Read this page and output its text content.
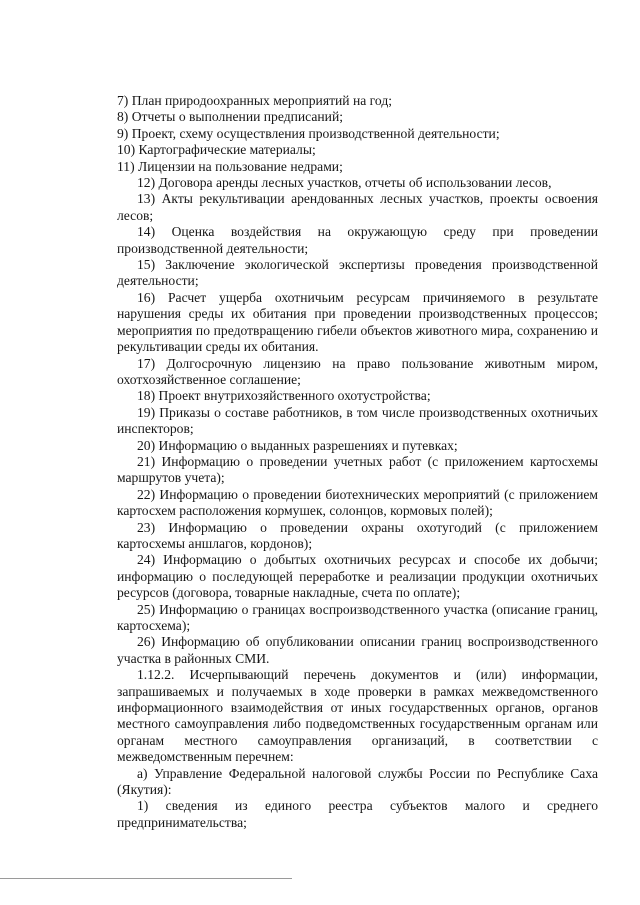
7) План природоохранных мероприятий на год;

8) Отчеты о выполнении предписаний;

9) Проект, схему осуществления производственной деятельности;

10) Картографические материалы;

11) Лицензии на пользование недрами;

12) Договора аренды лесных участков, отчеты об использовании лесов,

13) Акты рекультивации арендованных лесных участков, проекты освоения лесов;

14) Оценка воздействия на окружающую среду при проведении производственной деятельности;

15) Заключение экологической экспертизы проведения производственной деятельности;

16) Расчет ущерба охотничьим ресурсам причиняемого в результате нарушения среды их обитания при проведении производственных процессов; мероприятия по предотвращению гибели объектов животного мира, сохранению и рекультивации среды их обитания.

17) Долгосрочную лицензию на право пользование животным миром, охотхозяйственное соглашение;

18) Проект внутрихозяйственного охотустройства;

19) Приказы о составе работников, в том числе производственных охотничьих инспекторов;

20) Информацию о выданных разрешениях и путевках;

21) Информацию о проведении учетных работ (с приложением картосхемы маршрутов учета);

22) Информацию о проведении биотехнических мероприятий (с приложением картосхем расположения кормушек, солонцов, кормовых полей);

23) Информацию о проведении охраны охотугодий (с приложением картосхемы аншлагов, кордонов);

24) Информацию о добытых охотничьих ресурсах и способе их добычи; информацию о последующей переработке и реализации продукции охотничьих ресурсов (договора, товарные накладные, счета по оплате);

25) Информацию о границах воспроизводственного участка (описание границ, картосхема);

26) Информацию об опубликовании описании границ воспроизводственного участка в районных СМИ.

1.12.2. Исчерпывающий перечень документов и (или) информации, запрашиваемых и получаемых в ходе проверки в рамках межведомственного информационного взаимодействия от иных государственных органов, органов местного самоуправления либо подведомственных государственным органам или органам местного самоуправления организаций, в соответствии с межведомственным перечнем:

а) Управление Федеральной налоговой службы России по Республике Саха (Якутия):

1) сведения из единого реестра субъектов малого и среднего предпринимательства;
